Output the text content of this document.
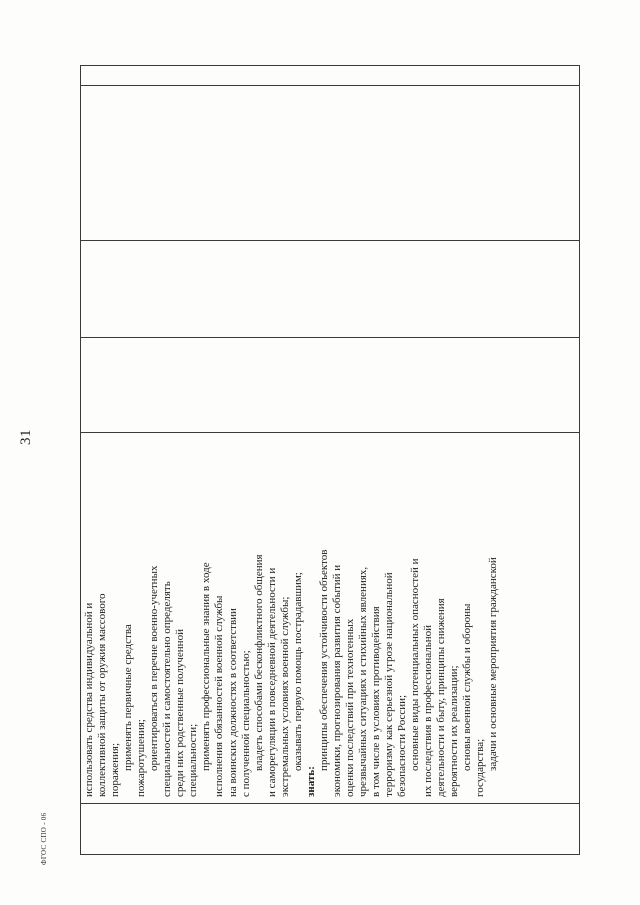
31
ФГОС СПО - 06

использовать средства индивидуальной и коллективной защиты от оружия массового поражения; применять первичные средства пожаротушения; ориентироваться в перечне военно-учетных специальностей и самостоятельно определять среди них родственные полученной специальности; применять профессиональные знания в ходе исполнения обязанностей военной службы на воинских должностях в соответствии с полученной специальностью; владеть способами бесконфликтного общения и саморегуляции в повседневной деятельности и экстремальных условиях военной службы; оказывать первую помощь пострадавшим;

знать:

принципы обеспечения устойчивости объектов экономики, прогнозирования развития событий и оценки последствий при техногенных чрезвычайных ситуациях и стихийных явлениях, в том числе в условиях противодействия терроризму как серьезной угрозе национальной безопасности России; основные виды потенциальных опасностей и их последствия в профессиональной деятельности и быту, принципы снижения вероятности их реализации; основы военной службы и обороны государства; задачи и основные мероприятия гражданской
